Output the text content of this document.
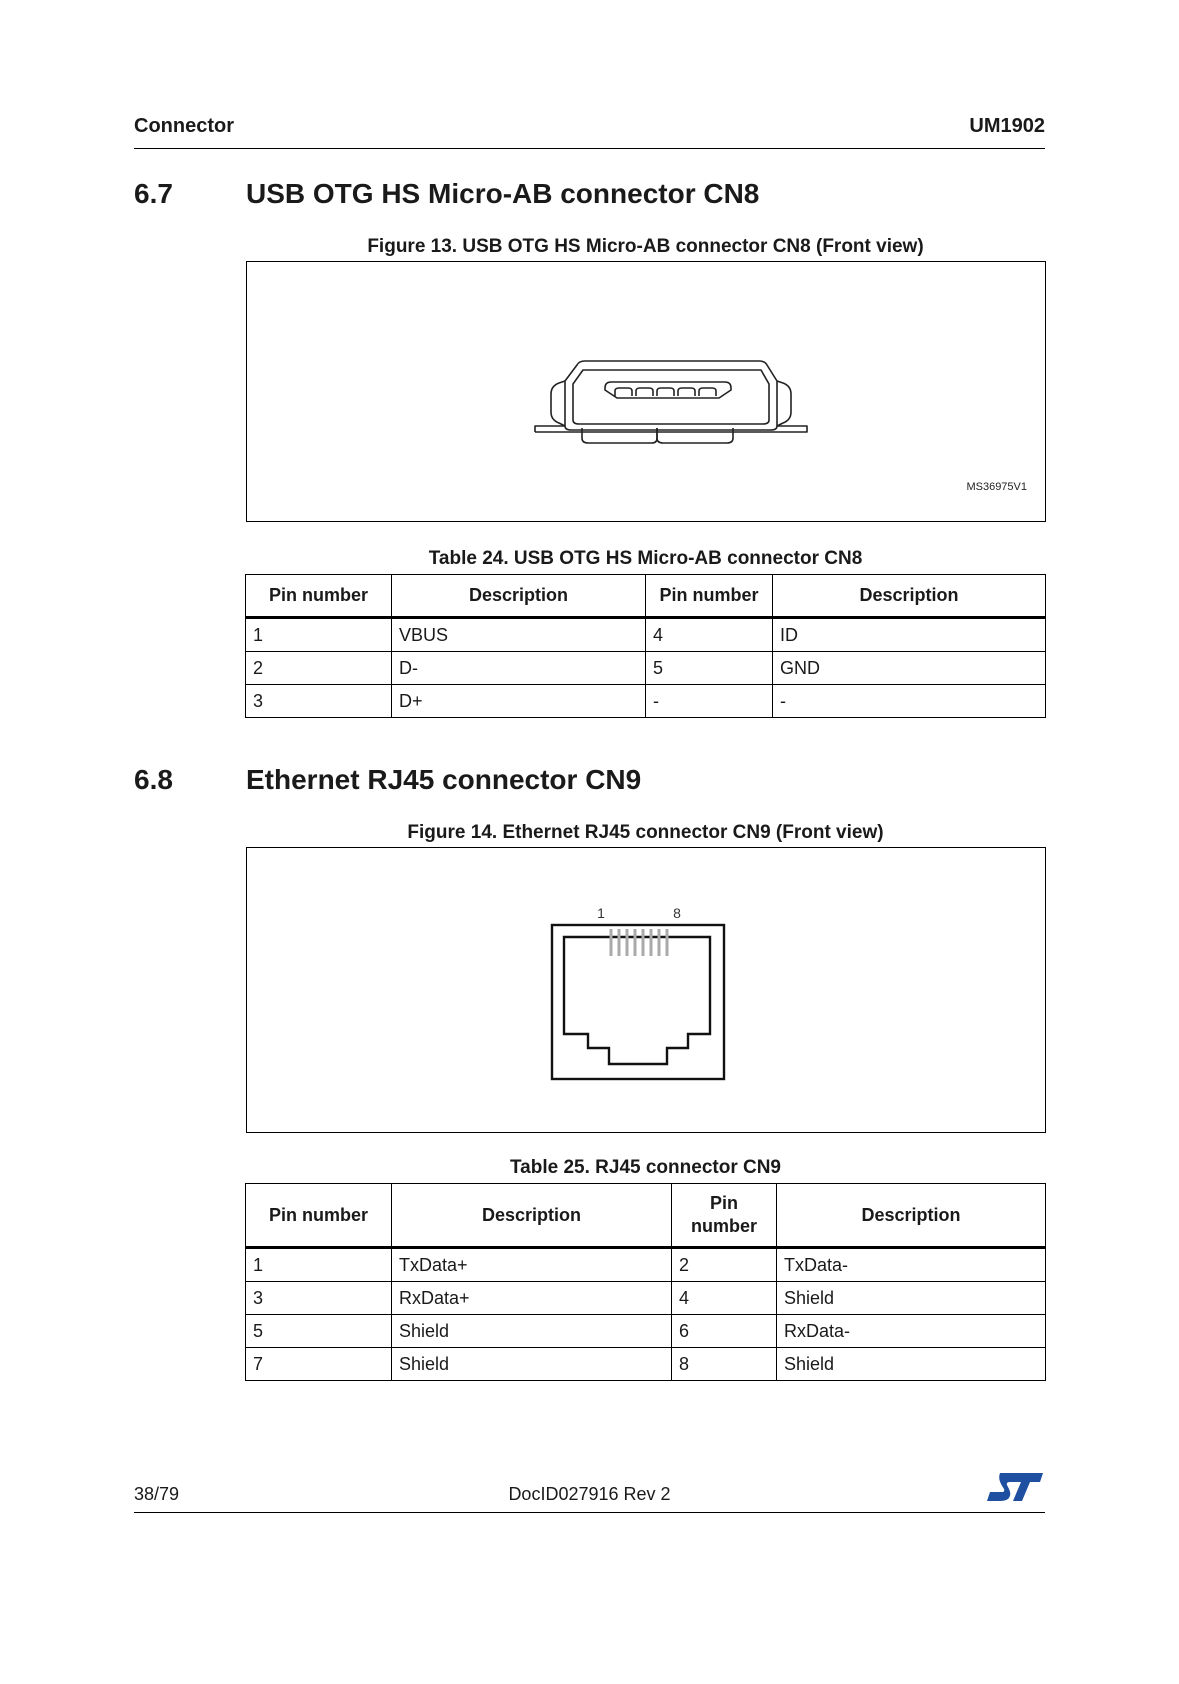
Connector	UM1902
6.7	USB OTG HS Micro-AB connector CN8
Figure 13. USB OTG HS Micro-AB connector CN8 (Front view)
MS36975V1
Table 24. USB OTG HS Micro-AB connector CN8
Pin number	Description	Pin number	Description
1	VBUS	4	ID
2	D-	5	GND
3	D+	-	-
6.8	Ethernet RJ45 connector CN9
Figure 14. Ethernet RJ45 connector CN9 (Front view)
1	8
Table 25. RJ45 connector CN9
Pin number	Description	Pin number	Description
1	TxData+	2	TxData-
3	RxData+	4	Shield
5	Shield	6	RxData-
7	Shield	8	Shield
38/79	DocID027916 Rev 2
